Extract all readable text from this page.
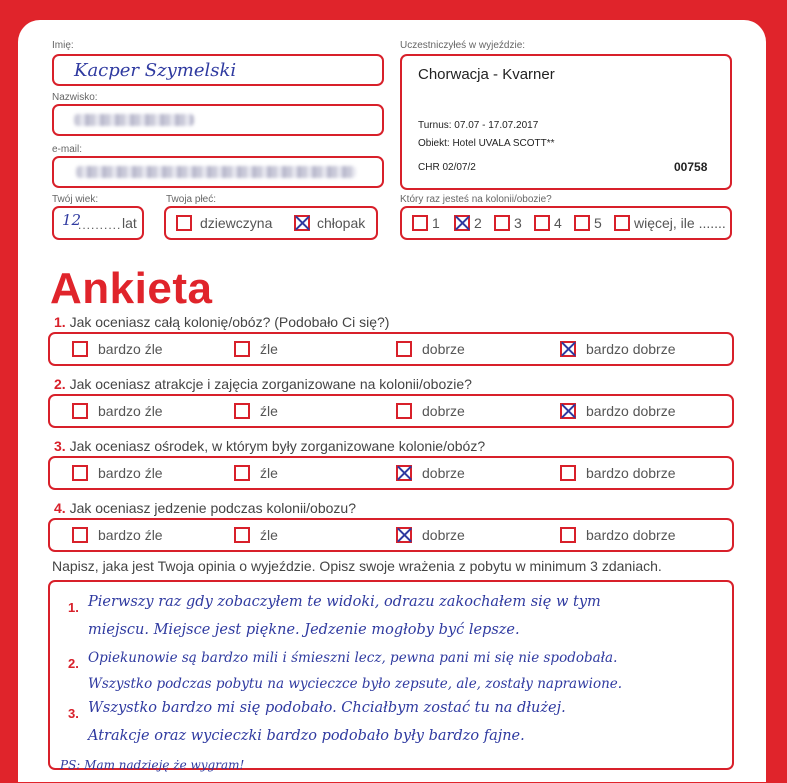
Imię:
Kacper Szymelski
Nazwisko:
e-mail:
Twój wiek:
12
.......... lat
Twoja płeć:
dziewczyna	chłopak
Uczestniczyłeś w wyjeździe:
Chorwacja - Kvarner
Turnus: 07.07 - 17.07.2017
Obiekt: Hotel UVALA SCOTT**
CHR 02/07/2	00758
Który raz jesteś na kolonii/obozie?
1 2 3 4 5 więcej, ile .......
Ankieta
1. Jak oceniasz całą kolonię/obóz? (Podobało Ci się?)
bardzo źle	źle	dobrze	bardzo dobrze
2. Jak oceniasz atrakcje i zajęcia zorganizowane na kolonii/obozie?
bardzo źle	źle	dobrze	bardzo dobrze
3. Jak oceniasz ośrodek, w którym były zorganizowane kolonie/obóz?
bardzo źle	źle	dobrze	bardzo dobrze
4. Jak oceniasz jedzenie podczas kolonii/obozu?
bardzo źle	źle	dobrze	bardzo dobrze
Napisz, jaka jest Twoja opinia o wyjeździe. Opisz swoje wrażenia z pobytu w minimum 3 zdaniach.
1. Pierwszy raz gdy zobaczyłem te widoki, odrazu zakochałem się w tym
miejscu. Miejsce jest piękne. Jedzenie mogłoby być lepsze.
2. Opiekunowie są bardzo mili i śmieszni lecz, pewna pani mi się nie spodobała.
Wszystko podczas pobytu na wycieczce było zepsute, ale, zostały naprawione.
3. Wszystko bardzo mi się podobało. Chciałbym zostać tu na dłużej.
Atrakcje oraz wycieczki bardzo podobało były bardzo fajne.
PS: Mam nadzieję że wygram!
